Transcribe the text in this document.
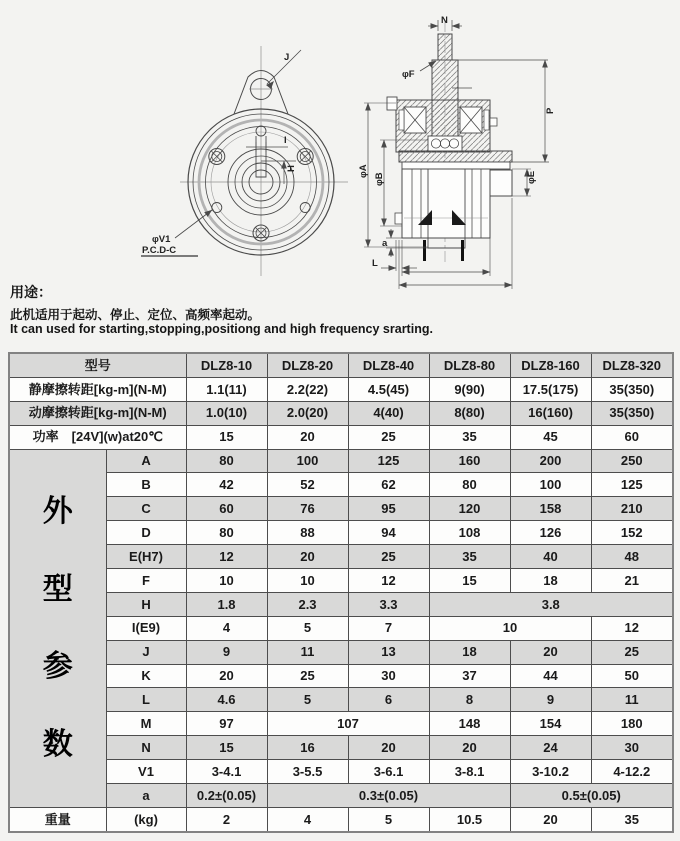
J
I
H
φV1
P.C.D-C
N
φF
φA
φB
P
φE
a
L
用途：

此机适用于起动、停止、定位、高频率起动。

It can used for starting,stopping,positiong and high frequency srarting.

型号		DLZ8-10	DLZ8-20	DLZ8-40	DLZ8-80	DLZ8-160	DLZ8-320
静摩擦转距[kg-m](N-M)		1.1(11)	2.2(22)	4.5(45)	9(90)	17.5(175)	35(350)
动摩擦转距[kg-m](N-M)		1.0(10)	2.0(20)	4(40)	8(80)	16(160)	35(350)
功率　[24V](w)at20℃		15	20	25	35	45	60

外
型
参
数	A	80	100	125	160	200	250
	B	42	52	62	80	100	125
	C	60	76	95	120	158	210
	D	80	88	94	108	126	152
	E(H7)	12	20	25	35	40	48
	F	10	10	12	15	18	21
	H	1.8	2.3	3.3	3.8		
	I(E9)	4	5	7	10		12
	J	9	11	13	18	20	25
	K	20	25	30	37	44	50
	L	4.6	5	6	8	9	11
	M	97	107		148	154	180
	N	15	16	20	20	24	30
	V1	3-4.1	3-5.5	3-6.1	3-8.1	3-10.2	4-12.2
	a	0.2±(0.05)	0.3±(0.05)			0.5±(0.05)	
重量	(kg)	2	4	5	10.5	20	35
